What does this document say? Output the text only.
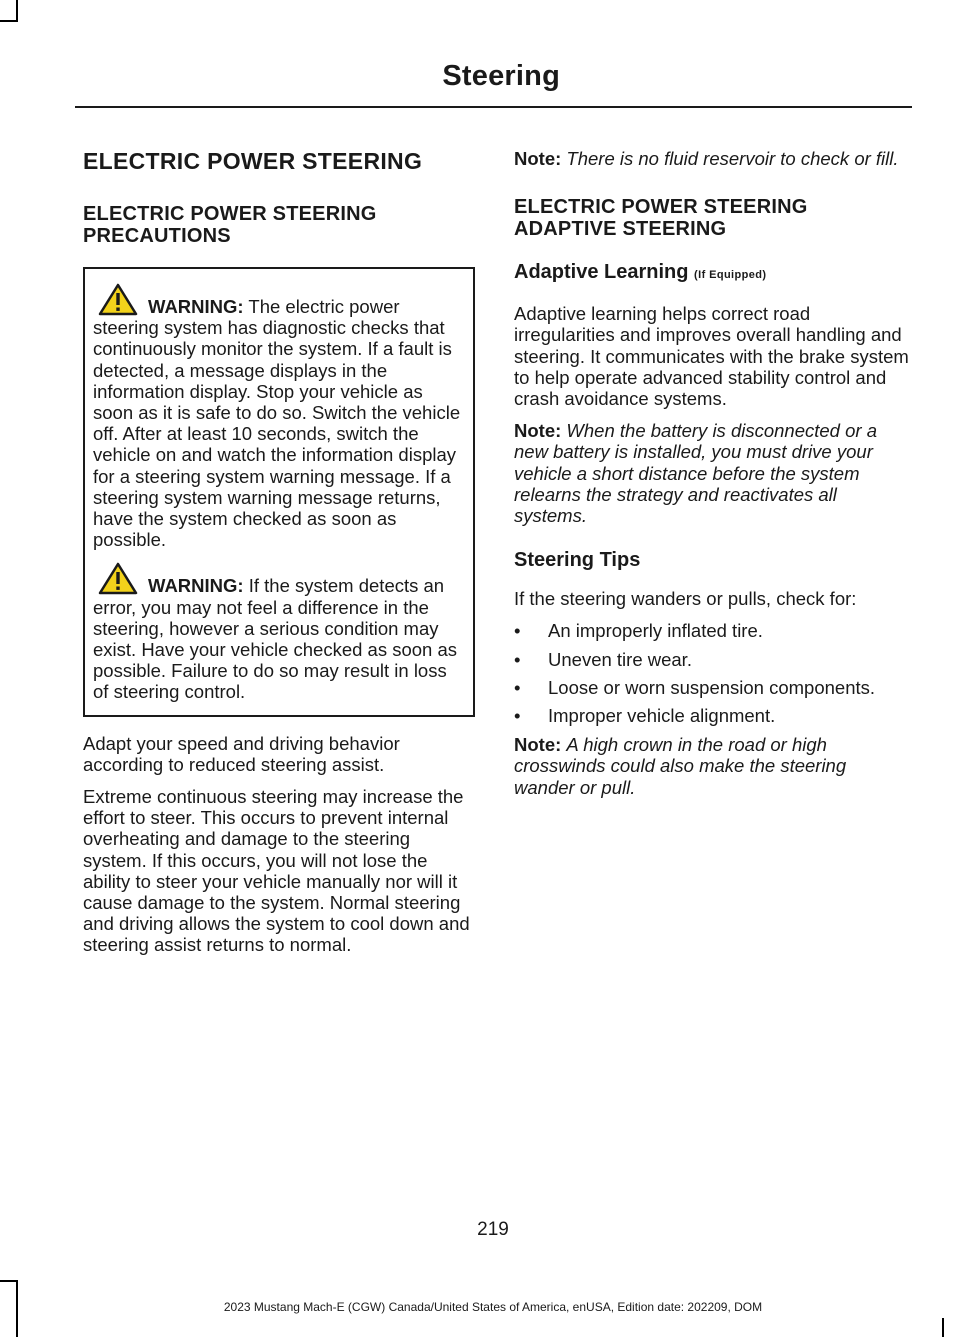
Steering
ELECTRIC POWER STEERING
ELECTRIC POWER STEERING PRECAUTIONS

WARNING: The electric power steering system has diagnostic checks that continuously monitor the system. If a fault is detected, a message displays in the information display. Stop your vehicle as soon as it is safe to do so. Switch the vehicle off. After at least 10 seconds, switch the vehicle on and watch the information display for a steering system warning message. If a steering system warning message returns, have the system checked as soon as possible.

WARNING: If the system detects an error, you may not feel a difference in the steering, however a serious condition may exist. Have your vehicle checked as soon as possible. Failure to do so may result in loss of steering control.

Adapt your speed and driving behavior according to reduced steering assist.

Extreme continuous steering may increase the effort to steer. This occurs to prevent internal overheating and damage to the steering system. If this occurs, you will not lose the ability to steer your vehicle manually nor will it cause damage to the system. Normal steering and driving allows the system to cool down and steering assist returns to normal.

Note: There is no fluid reservoir to check or fill.

ELECTRIC POWER STEERING ADAPTIVE STEERING
Adaptive Learning (If Equipped)

Adaptive learning helps correct road irregularities and improves overall handling and steering. It communicates with the brake system to help operate advanced stability control and crash avoidance systems.

Note: When the battery is disconnected or a new battery is installed, you must drive your vehicle a short distance before the system relearns the strategy and reactivates all systems.

Steering Tips

If the steering wanders or pulls, check for:

• An improperly inflated tire.
• Uneven tire wear.
• Loose or worn suspension components.
• Improper vehicle alignment.

Note: A high crown in the road or high crosswinds could also make the steering wander or pull.

219
2023 Mustang Mach-E (CGW) Canada/United States of America, enUSA, Edition date: 202209, DOM
